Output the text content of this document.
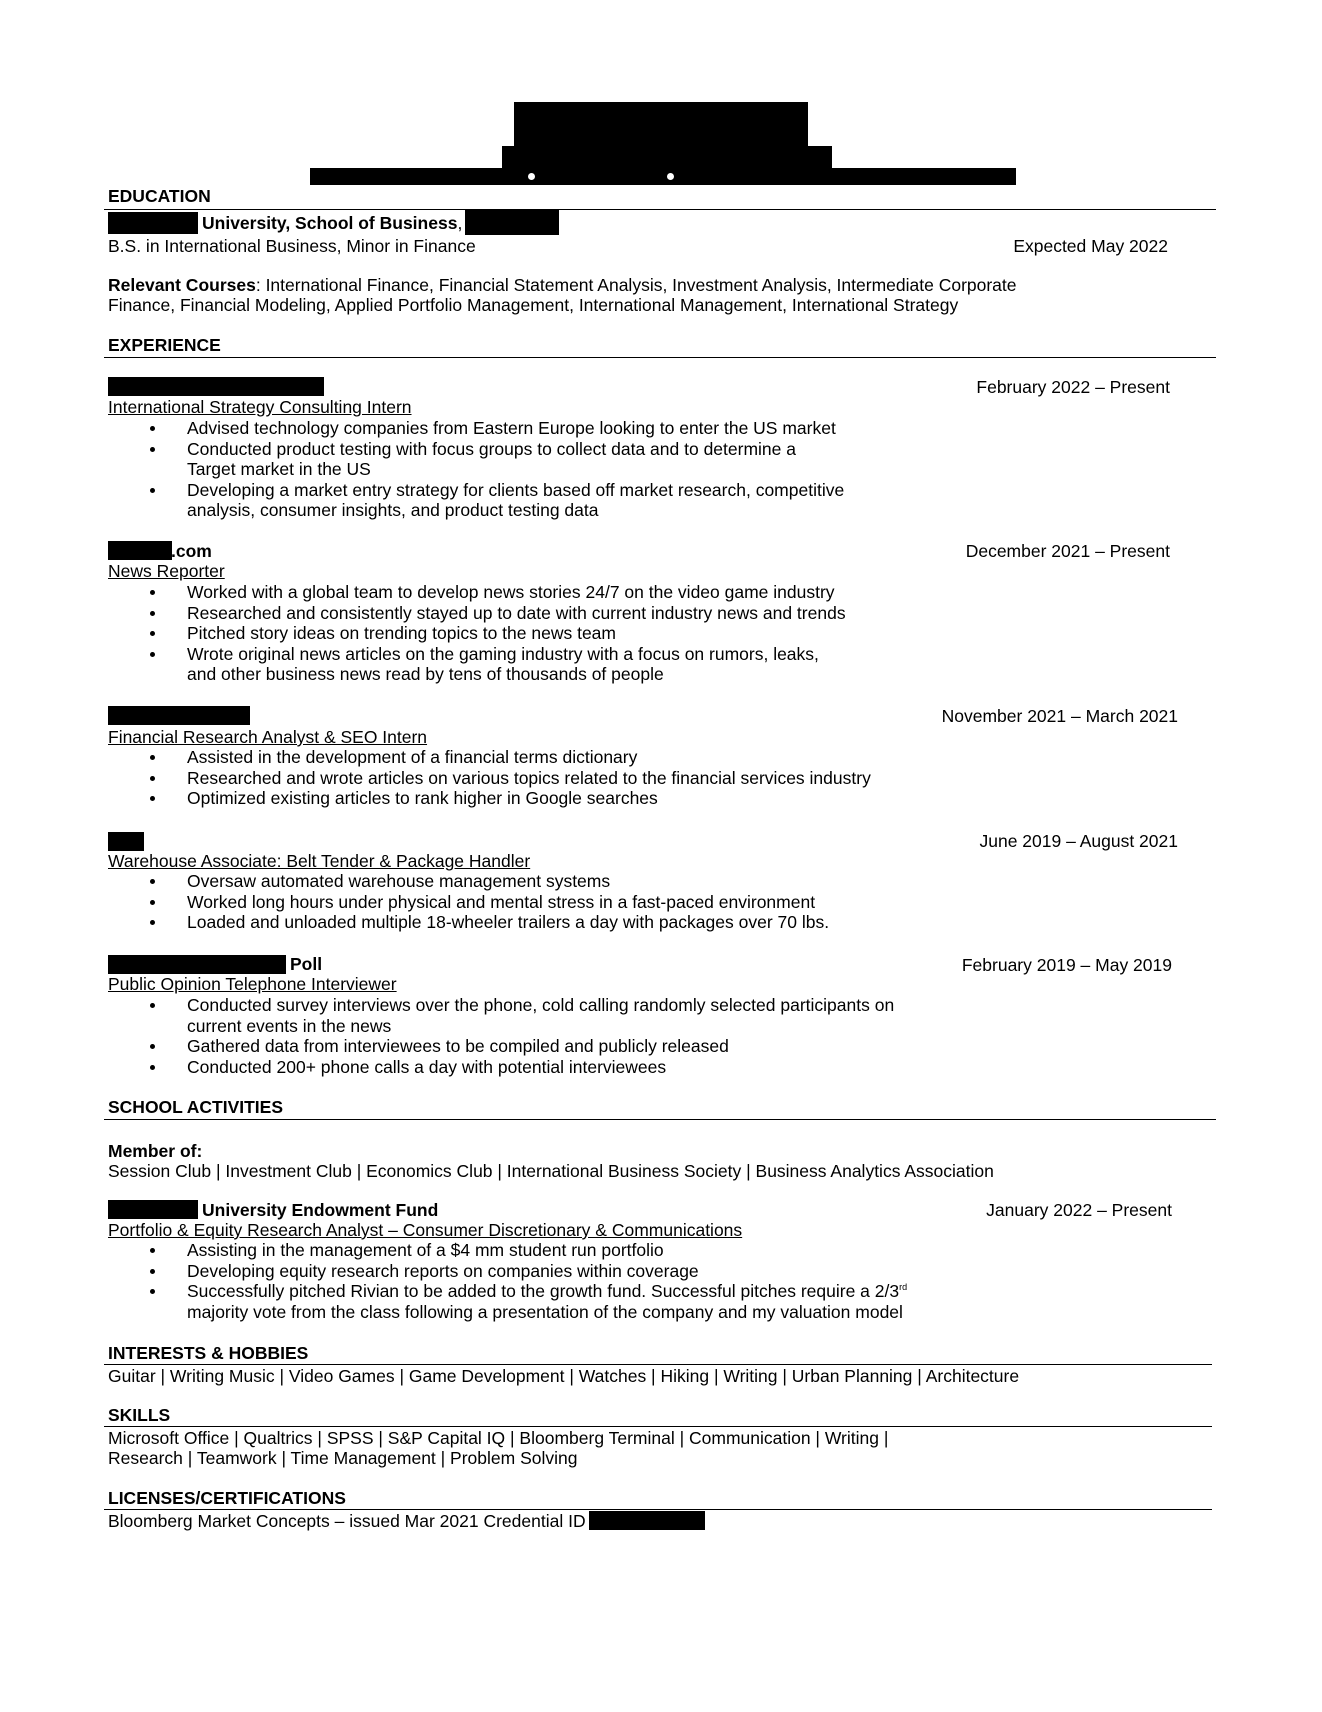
EDUCATION
University, School of Business,
B.S. in International Business, Minor in Finance	Expected May 2022
Relevant Courses: International Finance, Financial Statement Analysis, Investment Analysis, Intermediate Corporate
Finance, Financial Modeling, Applied Portfolio Management, International Management, International Strategy
EXPERIENCE
February 2022 – Present
International Strategy Consulting Intern
Advised technology companies from Eastern Europe looking to enter the US market
Conducted product testing with focus groups to collect data and to determine a
Target market in the US
Developing a market entry strategy for clients based off market research, competitive
analysis, consumer insights, and product testing data
.com	December 2021 – Present
News Reporter
Worked with a global team to develop news stories 24/7 on the video game industry
Researched and consistently stayed up to date with current industry news and trends
Pitched story ideas on trending topics to the news team
Wrote original news articles on the gaming industry with a focus on rumors, leaks,
and other business news read by tens of thousands of people
November 2021 – March 2021
Financial Research Analyst & SEO Intern
Assisted in the development of a financial terms dictionary
Researched and wrote articles on various topics related to the financial services industry
Optimized existing articles to rank higher in Google searches
June 2019 – August 2021
Warehouse Associate: Belt Tender & Package Handler
Oversaw automated warehouse management systems
Worked long hours under physical and mental stress in a fast-paced environment
Loaded and unloaded multiple 18-wheeler trailers a day with packages over 70 lbs.
Poll	February 2019 – May 2019
Public Opinion Telephone Interviewer
Conducted survey interviews over the phone, cold calling randomly selected participants on
current events in the news
Gathered data from interviewees to be compiled and publicly released
Conducted 200+ phone calls a day with potential interviewees
SCHOOL ACTIVITIES
Member of:
Session Club | Investment Club | Economics Club | International Business Society | Business Analytics Association
University Endowment Fund	January 2022 – Present
Portfolio & Equity Research Analyst – Consumer Discretionary & Communications
Assisting in the management of a $4 mm student run portfolio
Developing equity research reports on companies within coverage
Successfully pitched Rivian to be added to the growth fund. Successful pitches require a 2/3rd
majority vote from the class following a presentation of the company and my valuation model
INTERESTS & HOBBIES
Guitar | Writing Music | Video Games | Game Development | Watches | Hiking | Writing | Urban Planning | Architecture
SKILLS
Microsoft Office | Qualtrics | SPSS | S&P Capital IQ | Bloomberg Terminal | Communication | Writing |
Research | Teamwork | Time Management | Problem Solving
LICENSES/CERTIFICATIONS
Bloomberg Market Concepts – issued Mar 2021 Credential ID
